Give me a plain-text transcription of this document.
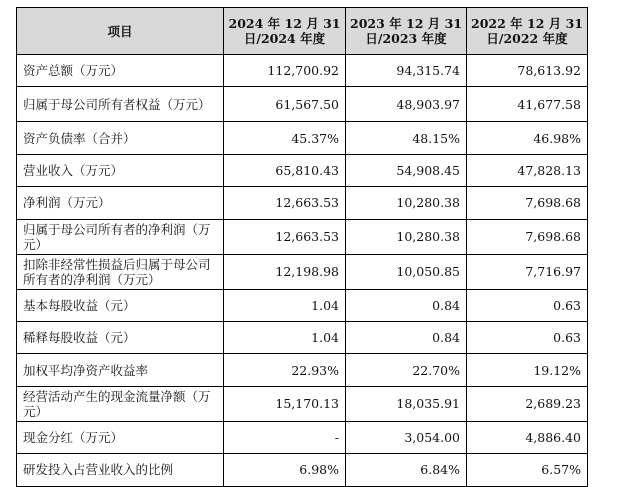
项目	2024 年 12 月 31 日/2024 年度	2023 年 12 月 31 日/2023 年度	2022 年 12 月 31 日/2022 年度
资产总额（万元）	112,700.92	94,315.74	78,613.92
归属于母公司所有者权益（万元）	61,567.50	48,903.97	41,677.58
资产负债率（合并）	45.37%	48.15%	46.98%
营业收入（万元）	65,810.43	54,908.45	47,828.13
净利润（万元）	12,663.53	10,280.38	7,698.68
归属于母公司所有者的净利润（万元）	12,663.53	10,280.38	7,698.68
扣除非经常性损益后归属于母公司所有者的净利润（万元）	12,198.98	10,050.85	7,716.97
基本每股收益（元）	1.04	0.84	0.63
稀释每股收益（元）	1.04	0.84	0.63
加权平均净资产收益率	22.93%	22.70%	19.12%
经营活动产生的现金流量净额（万元）	15,170.13	18,035.91	2,689.23
现金分红（万元）	-	3,054.00	4,886.40
研发投入占营业收入的比例	6.98%	6.84%	6.57%
